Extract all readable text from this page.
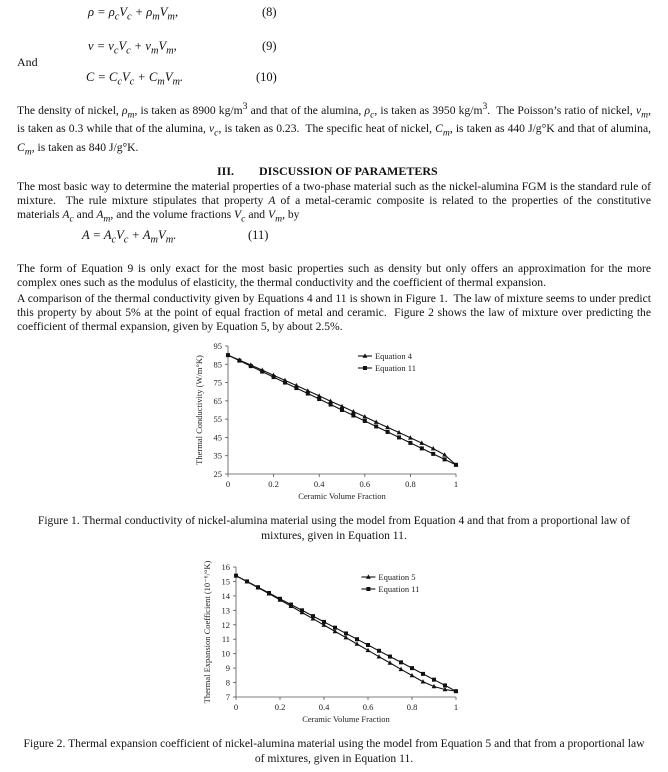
$\rho = \rho_cV_c + \rho_mV_m$,	(8)
$\nu = \nu_cV_c + \nu_mV_m$,	(9)
And
$C = C_cV_c + C_mV_m$.	(10)
The density of nickel, $\rho_m$, is taken as 8900 $kg/m^3$ and that of the alumina, $\rho_c$, is taken as 3950 $kg/m^3$.  The Poisson’s ratio of nickel, $\nu_m$, is taken as 0.3 while that of the alumina, $\nu_c$, is taken as 0.23.  The specific heat of nickel, $C_m$, is taken as 440 J/g°K and that of alumina, $C_m$, is taken as 840 J/g°K.
III. DISCUSSION OF PARAMETERS
The most basic way to determine the material properties of a two-phase material such as the nickel-alumina FGM is the standard rule of mixture.  The rule mixture stipulates that property A of a metal-ceramic composite is related to the properties of the constitutive materials $A_c$ and $A_m$, and the volume fractions $V_c$ and $V_m$, by
$A = A_cV_c + A_mV_m$.	(11)
The form of Equation 9 is only exact for the most basic properties such as density but only offers an approximation for the more complex ones such as the modulus of elasticity, the thermal conductivity and the coefficient of thermal expansion.
A comparison of the thermal conductivity given by Equations 4 and 11 is shown in Figure 1.  The law of mixture seems to under predict this property by about 5% at the point of equal fraction of metal and ceramic.  Figure 2 shows the law of mixture over predicting the coefficient of thermal expansion, given by Equation 5, by about 2.5%.
25
35
45
55
65
75
85
95
0	0.2	0.4	0.6	0.8	1
Ceramic Volume Fraction
Thermal Conductivity (W/m°K)	Equation 4
Equation 11
Figure 1. Thermal conductivity of nickel-alumina material using the model from Equation 4 and that from a proportional law of mixtures, given in Equation 11.
7
8
9
10
11
12
13
14
15
16
0	0.2	0.4	0.6	0.8	1
Ceramic Volume Fraction
Thermal Expansion Coefficient (10⁻⁶/°K)	Equation 5
Equation 11
Figure 2. Thermal expansion coefficient of nickel-alumina material using the model from Equation 5 and that from a proportional law of mixtures, given in Equation 11.
